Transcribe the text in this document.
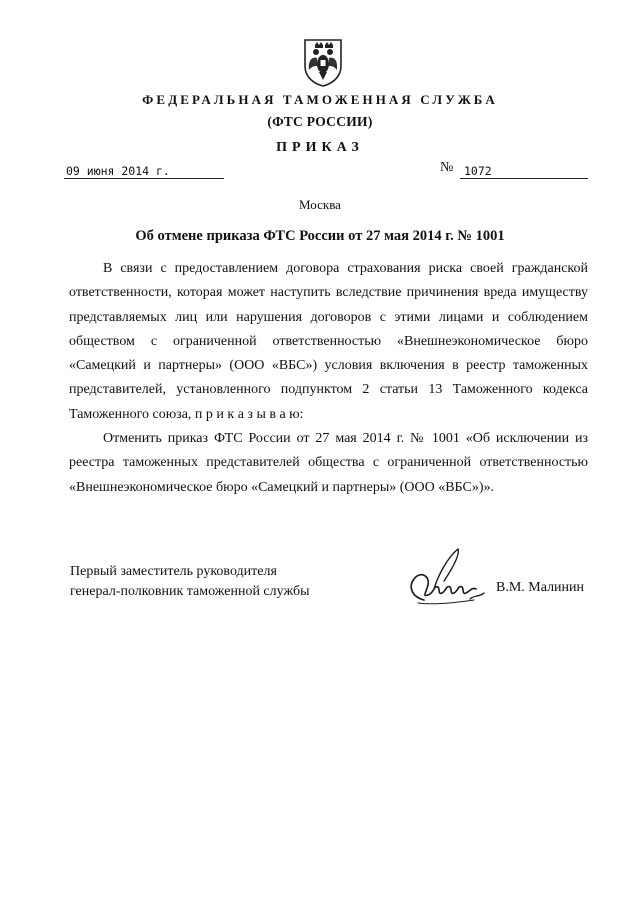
ФЕДЕРАЛЬНАЯ ТАМОЖЕННАЯ СЛУЖБА
(ФТС РОССИИ)
ПРИКАЗ
09 июня 2014 г.	№ 1072
Москва
Об отмене приказа ФТС России от 27 мая 2014 г. № 1001

В связи с предоставлением договора страхования риска своей гражданской ответственности, которая может наступить вследствие причинения вреда имуществу представляемых лиц или нарушения договоров с этими лицами и соблюдением обществом с ограниченной ответственностью «Внешнеэкономическое бюро «Самецкий и партнеры» (ООО «ВБС») условия включения в реестр таможенных представителей, установленного подпунктом 2 статьи 13 Таможенного кодекса Таможенного союза, п р и к а з ы в а ю:

Отменить приказ ФТС России от 27 мая 2014 г. № 1001 «Об исключении из реестра таможенных представителей общества с ограниченной ответственностью «Внешнеэкономическое бюро «Самецкий и партнеры» (ООО «ВБС»)».

Первый заместитель руководителя
генерал-полковник таможенной службы	В.М. Малинин
